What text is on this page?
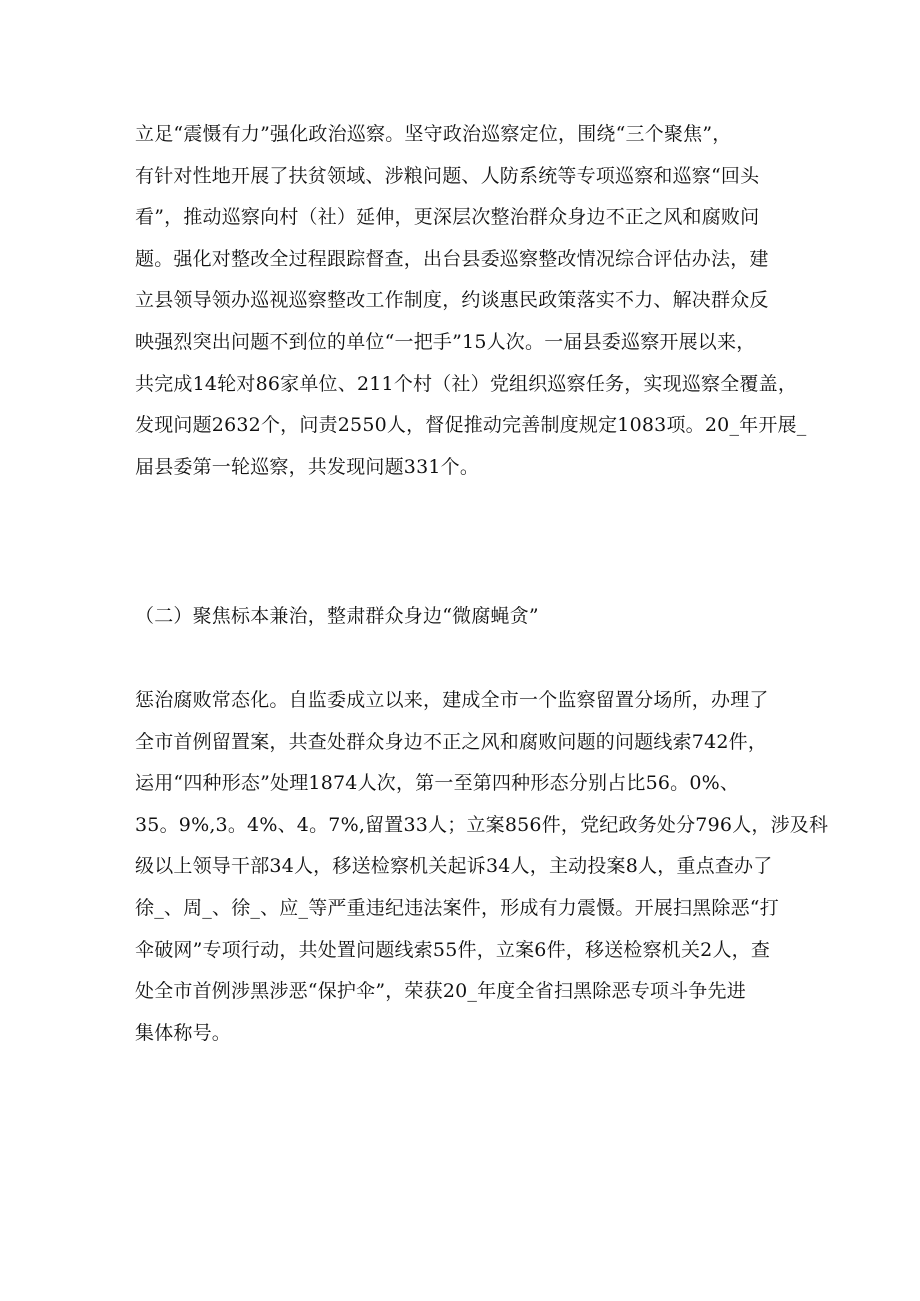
立足“震慑有力”强化政治巡察。坚守政治巡察定位，围绕“三个聚焦”，
有针对性地开展了扶贫领域、涉粮问题、人防系统等专项巡察和巡察“回头
看”，推动巡察向村（社）延伸，更深层次整治群众身边不正之风和腐败问
题。强化对整改全过程跟踪督查，出台县委巡察整改情况综合评估办法，建
立县领导领办巡视巡察整改工作制度，约谈惠民政策落实不力、解决群众反
映强烈突出问题不到位的单位“一把手”15人次。一届县委巡察开展以来，
共完成14轮对86家单位、211个村（社）党组织巡察任务，实现巡察全覆盖，
发现问题2632个，问责2550人，督促推动完善制度规定1083项。20_年开展_
届县委第一轮巡察，共发现问题331个。
（二）聚焦标本兼治，整肃群众身边“微腐蝇贪”
惩治腐败常态化。自监委成立以来，建成全市一个监察留置分场所，办理了
全市首例留置案，共查处群众身边不正之风和腐败问题的问题线索742件，
运用“四种形态”处理1874人次，第一至第四种形态分别占比56。0%、
35。9%,3。4%、4。7%,留置33人；立案856件，党纪政务处分796人，涉及科
级以上领导干部34人，移送检察机关起诉34人，主动投案8人，重点查办了
徐_、周_、徐_、应_等严重违纪违法案件，形成有力震慑。开展扫黑除恶“打
伞破网”专项行动，共处置问题线索55件，立案6件，移送检察机关2人，查
处全市首例涉黑涉恶“保护伞”，荣获20_年度全省扫黑除恶专项斗争先进
集体称号。
